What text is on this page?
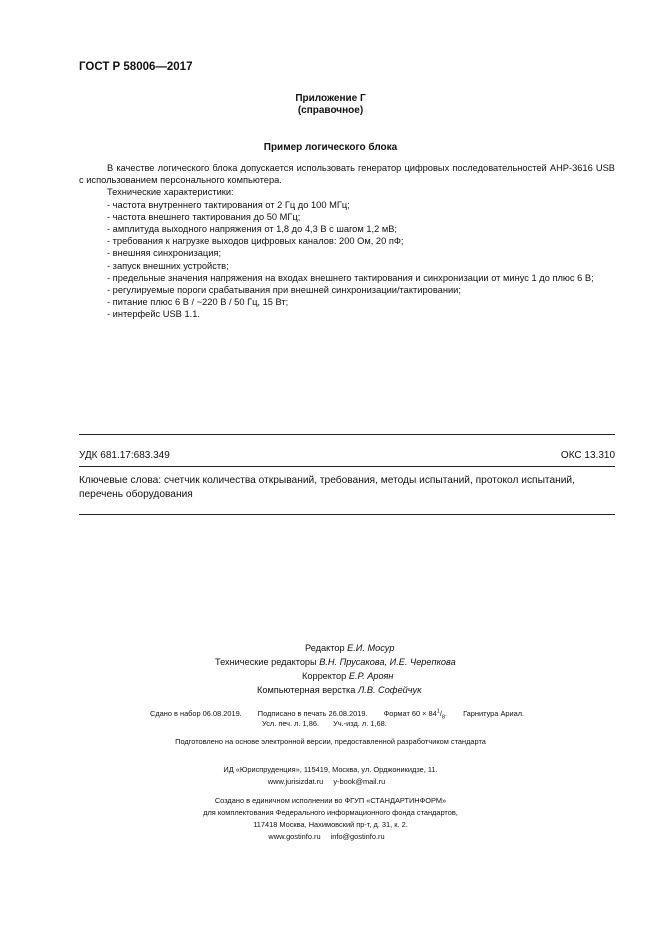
ГОСТ Р 58006—2017
Приложение Г
(справочное)
Пример логического блока

В качестве логического блока допускается использовать генератор цифровых последовательностей АНР-3616 USB с использованием персонального компьютера.

Технические характеристики:

- частота внутреннего тактирования от 2 Гц до 100 МГц;

- частота внешнего тактирования до 50 МГц;

- амплитуда выходного напряжения от 1,8 до 4,3 В с шагом 1,2 мВ;

- требования к нагрузке выходов цифровых каналов: 200 Ом, 20 пФ;

- внешняя синхронизация;

- запуск внешних устройств;

- предельные значения напряжения на входах внешнего тактирования и синхронизации от минус 1 до плюс 6 В;

- регулируемые пороги срабатывания при внешней синхронизации/тактировании;

- питание плюс 6 В / ~220 В / 50 Гц, 15 Вт;

- интерфейс USB 1.1.

УДК 681.17:683.349	ОКС 13.310
Ключевые слова: счетчик количества открываний, требования, методы испытаний, протокол испытаний, перечень оборудования
Редактор Е.И. Мосур
Технические редакторы В.Н. Прусакова, И.Е. Черепкова
Корректор Е.Р. Ароян
Компьютерная верстка Л.В. Софейчук
Сдано в набор 06.08.2019. Подписано в печать 26.08.2019. Формат $60 \times 84^1/_8$. Гарнитура Ариал.
Усл. печ. л. 1,86. Уч.-изд. л. 1,68.
Подготовлено на основе электронной версии, предоставленной разработчиком стандарта
ИД «Юриспруденция», 115419, Москва, ул. Орджоникидзе, 11.
www.jurisizdat.ru y-book@mail.ru
Создано в единичном исполнении во ФГУП «СТАНДАРТИНФОРМ»
для комплектования Федерального информационного фонда стандартов,
117418 Москва, Нахимовский пр-т, д. 31, к. 2.
www.gostinfo.ru info@gostinfo.ru
